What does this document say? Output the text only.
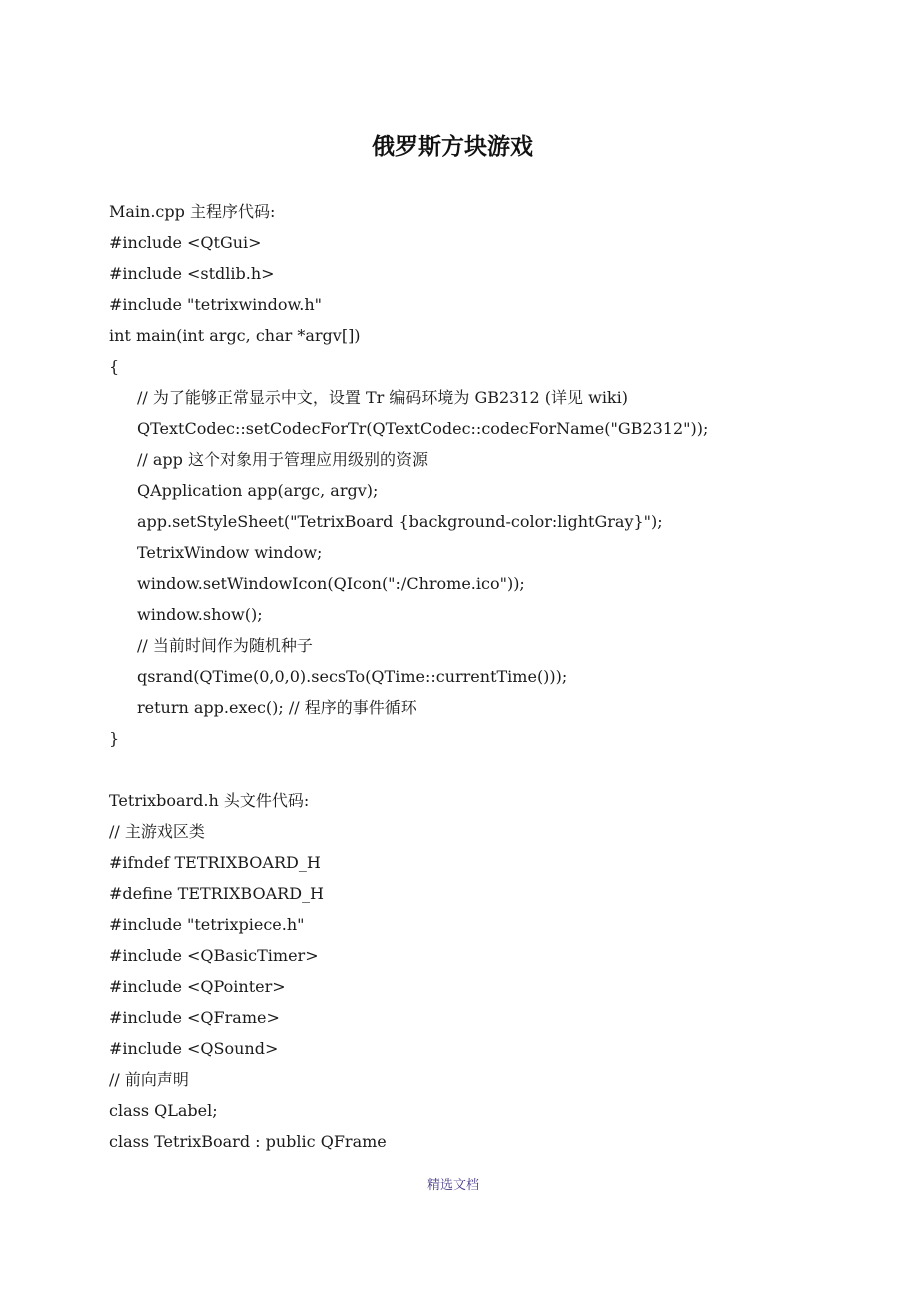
俄罗斯方块游戏
Main.cpp 主程序代码:
#include <QtGui>
#include <stdlib.h>
#include "tetrixwindow.h"
int main(int argc, char *argv[])
{
// 为了能够正常显示中文，设置 Tr 编码环境为 GB2312 (详见 wiki)
QTextCodec::setCodecForTr(QTextCodec::codecForName("GB2312"));
// app 这个对象用于管理应用级别的资源
QApplication app(argc, argv);
app.setStyleSheet("TetrixBoard {background-color:lightGray}");
TetrixWindow window;
window.setWindowIcon(QIcon(":/Chrome.ico"));
window.show();
// 当前时间作为随机种子
qsrand(QTime(0,0,0).secsTo(QTime::currentTime()));
return app.exec(); // 程序的事件循环
}
Tetrixboard.h 头文件代码:
// 主游戏区类
#ifndef TETRIXBOARD_H
#define TETRIXBOARD_H
#include "tetrixpiece.h"
#include <QBasicTimer>
#include <QPointer>
#include <QFrame>
#include <QSound>
// 前向声明
class QLabel;
class TetrixBoard : public QFrame
精选文档
